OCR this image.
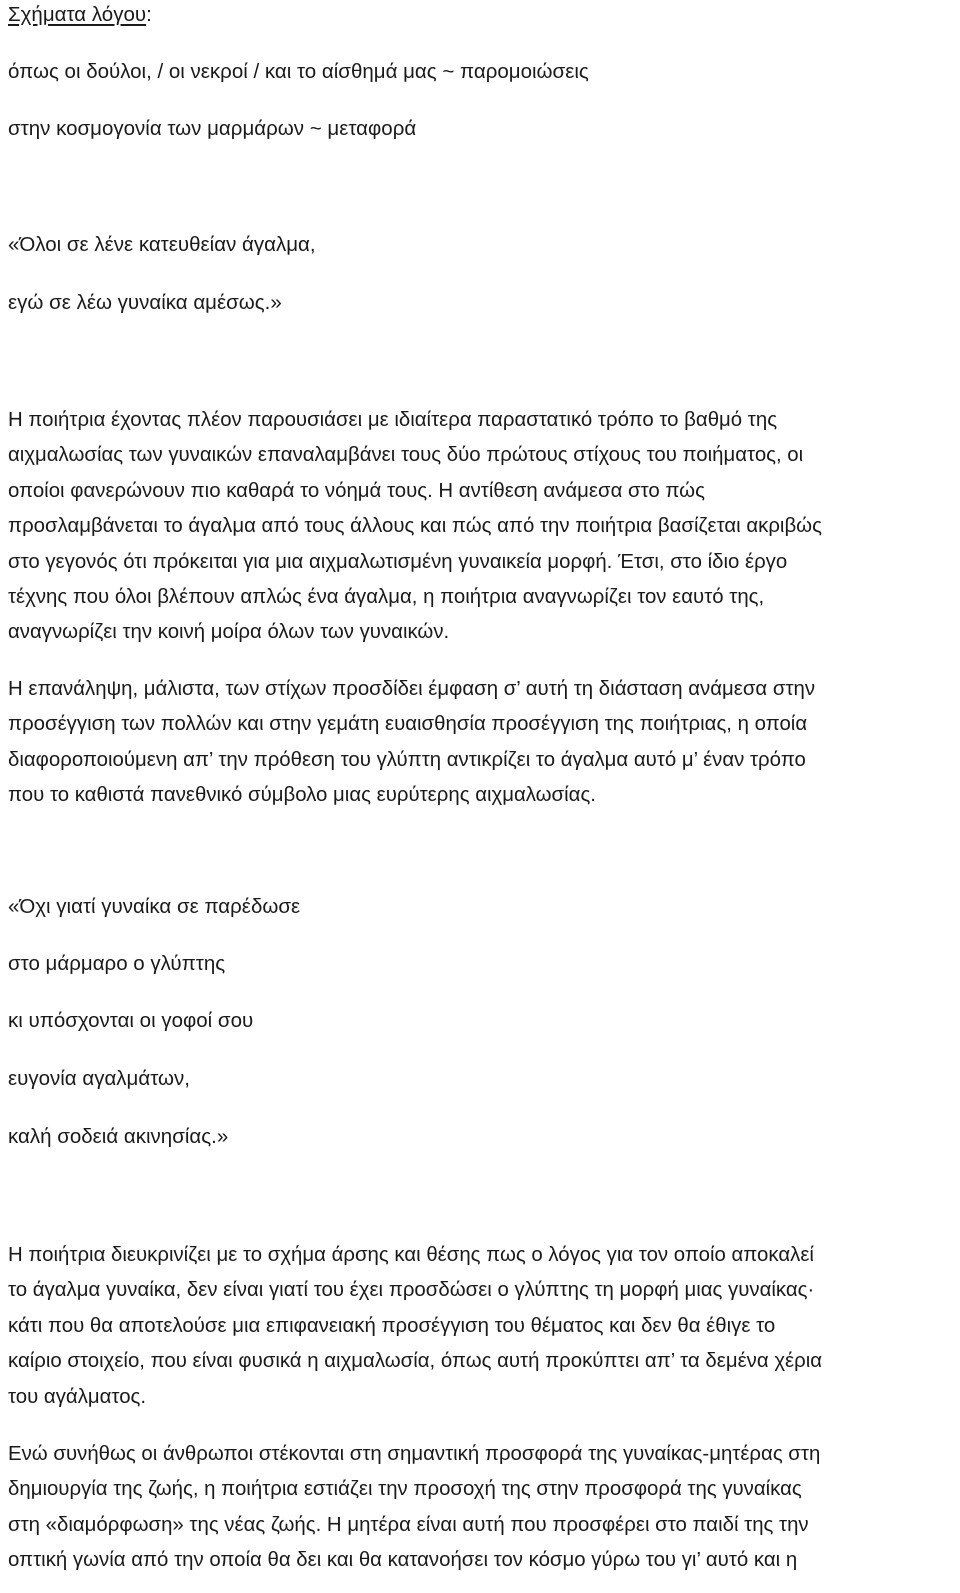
Σχήματα λόγου:
όπως οι δούλοι, / οι νεκροί / και το αίσθημά μας ~ παρομοιώσεις
στην κοσμογονία των μαρμάρων ~ μεταφορά
«Όλοι σε λένε κατευθείαν άγαλμα,
εγώ σε λέω γυναίκα αμέσως.»
Η ποιήτρια έχοντας πλέον παρουσιάσει με ιδιαίτερα παραστατικό τρόπο το βαθμό της
αιχμαλωσίας των γυναικών επαναλαμβάνει τους δύο πρώτους στίχους του ποιήματος, οι
οποίοι φανερώνουν πιο καθαρά το νόημά τους. Η αντίθεση ανάμεσα στο πώς
προσλαμβάνεται το άγαλμα από τους άλλους και πώς από την ποιήτρια βασίζεται ακριβώς
στο γεγονός ότι πρόκειται για μια αιχμαλωτισμένη γυναικεία μορφή. Έτσι, στο ίδιο έργο
τέχνης που όλοι βλέπουν απλώς ένα άγαλμα, η ποιήτρια αναγνωρίζει τον εαυτό της,
αναγνωρίζει την κοινή μοίρα όλων των γυναικών.
Η επανάληψη, μάλιστα, των στίχων προσδίδει έμφαση σ’ αυτή τη διάσταση ανάμεσα στην
προσέγγιση των πολλών και στην γεμάτη ευαισθησία προσέγγιση της ποιήτριας, η οποία
διαφοροποιούμενη απ’ την πρόθεση του γλύπτη αντικρίζει το άγαλμα αυτό μ’ έναν τρόπο
που το καθιστά πανεθνικό σύμβολο μιας ευρύτερης αιχμαλωσίας.
«Όχι γιατί γυναίκα σε παρέδωσε
στο μάρμαρο ο γλύπτης
κι υπόσχονται οι γοφοί σου
ευγονία αγαλμάτων,
καλή σοδειά ακινησίας.»
Η ποιήτρια διευκρινίζει με το σχήμα άρσης και θέσης πως ο λόγος για τον οποίο αποκαλεί
το άγαλμα γυναίκα, δεν είναι γιατί του έχει προσδώσει ο γλύπτης τη μορφή μιας γυναίκας·
κάτι που θα αποτελούσε μια επιφανειακή προσέγγιση του θέματος και δεν θα έθιγε το
καίριο στοιχείο, που είναι φυσικά η αιχμαλωσία, όπως αυτή προκύπτει απ’ τα δεμένα χέρια
του αγάλματος.
Ενώ συνήθως οι άνθρωποι στέκονται στη σημαντική προσφορά της γυναίκας-μητέρας στη
δημιουργία της ζωής, η ποιήτρια εστιάζει την προσοχή της στην προσφορά της γυναίκας
στη «διαμόρφωση» της νέας ζωής. Η μητέρα είναι αυτή που προσφέρει στο παιδί της την
οπτική γωνία από την οποία θα δει και θα κατανοήσει τον κόσμο γύρω του γι’ αυτό και η
